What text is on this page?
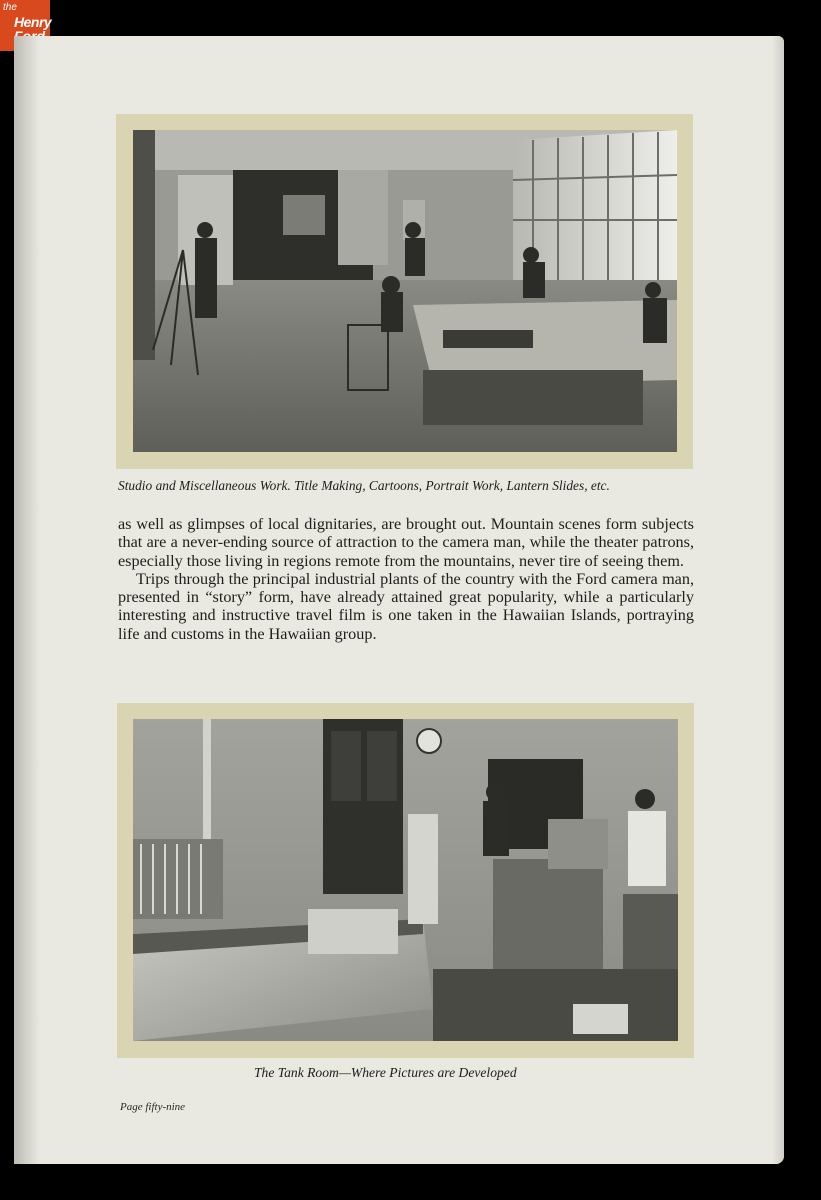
the
Henry
Studio and Miscellaneous Work. Title Making, Cartoons, Portrait Work, Lantern Slides, etc.

as well as glimpses of local dignitaries, are brought out. Mountain scenes form subjects that are a never-ending source of attraction to the camera man, while the theater patrons, especially those living in regions remote from the mountains, never tire of seeing them.

Trips through the principal industrial plants of the country with the Ford camera man, presented in “story” form, have already attained great popularity, while a particularly interesting and instructive travel film is one taken in the Hawaiian Islands, portraying life and customs in the Hawaiian group.

The Tank Room—Where Pictures are Developed
Page fifty-nine
